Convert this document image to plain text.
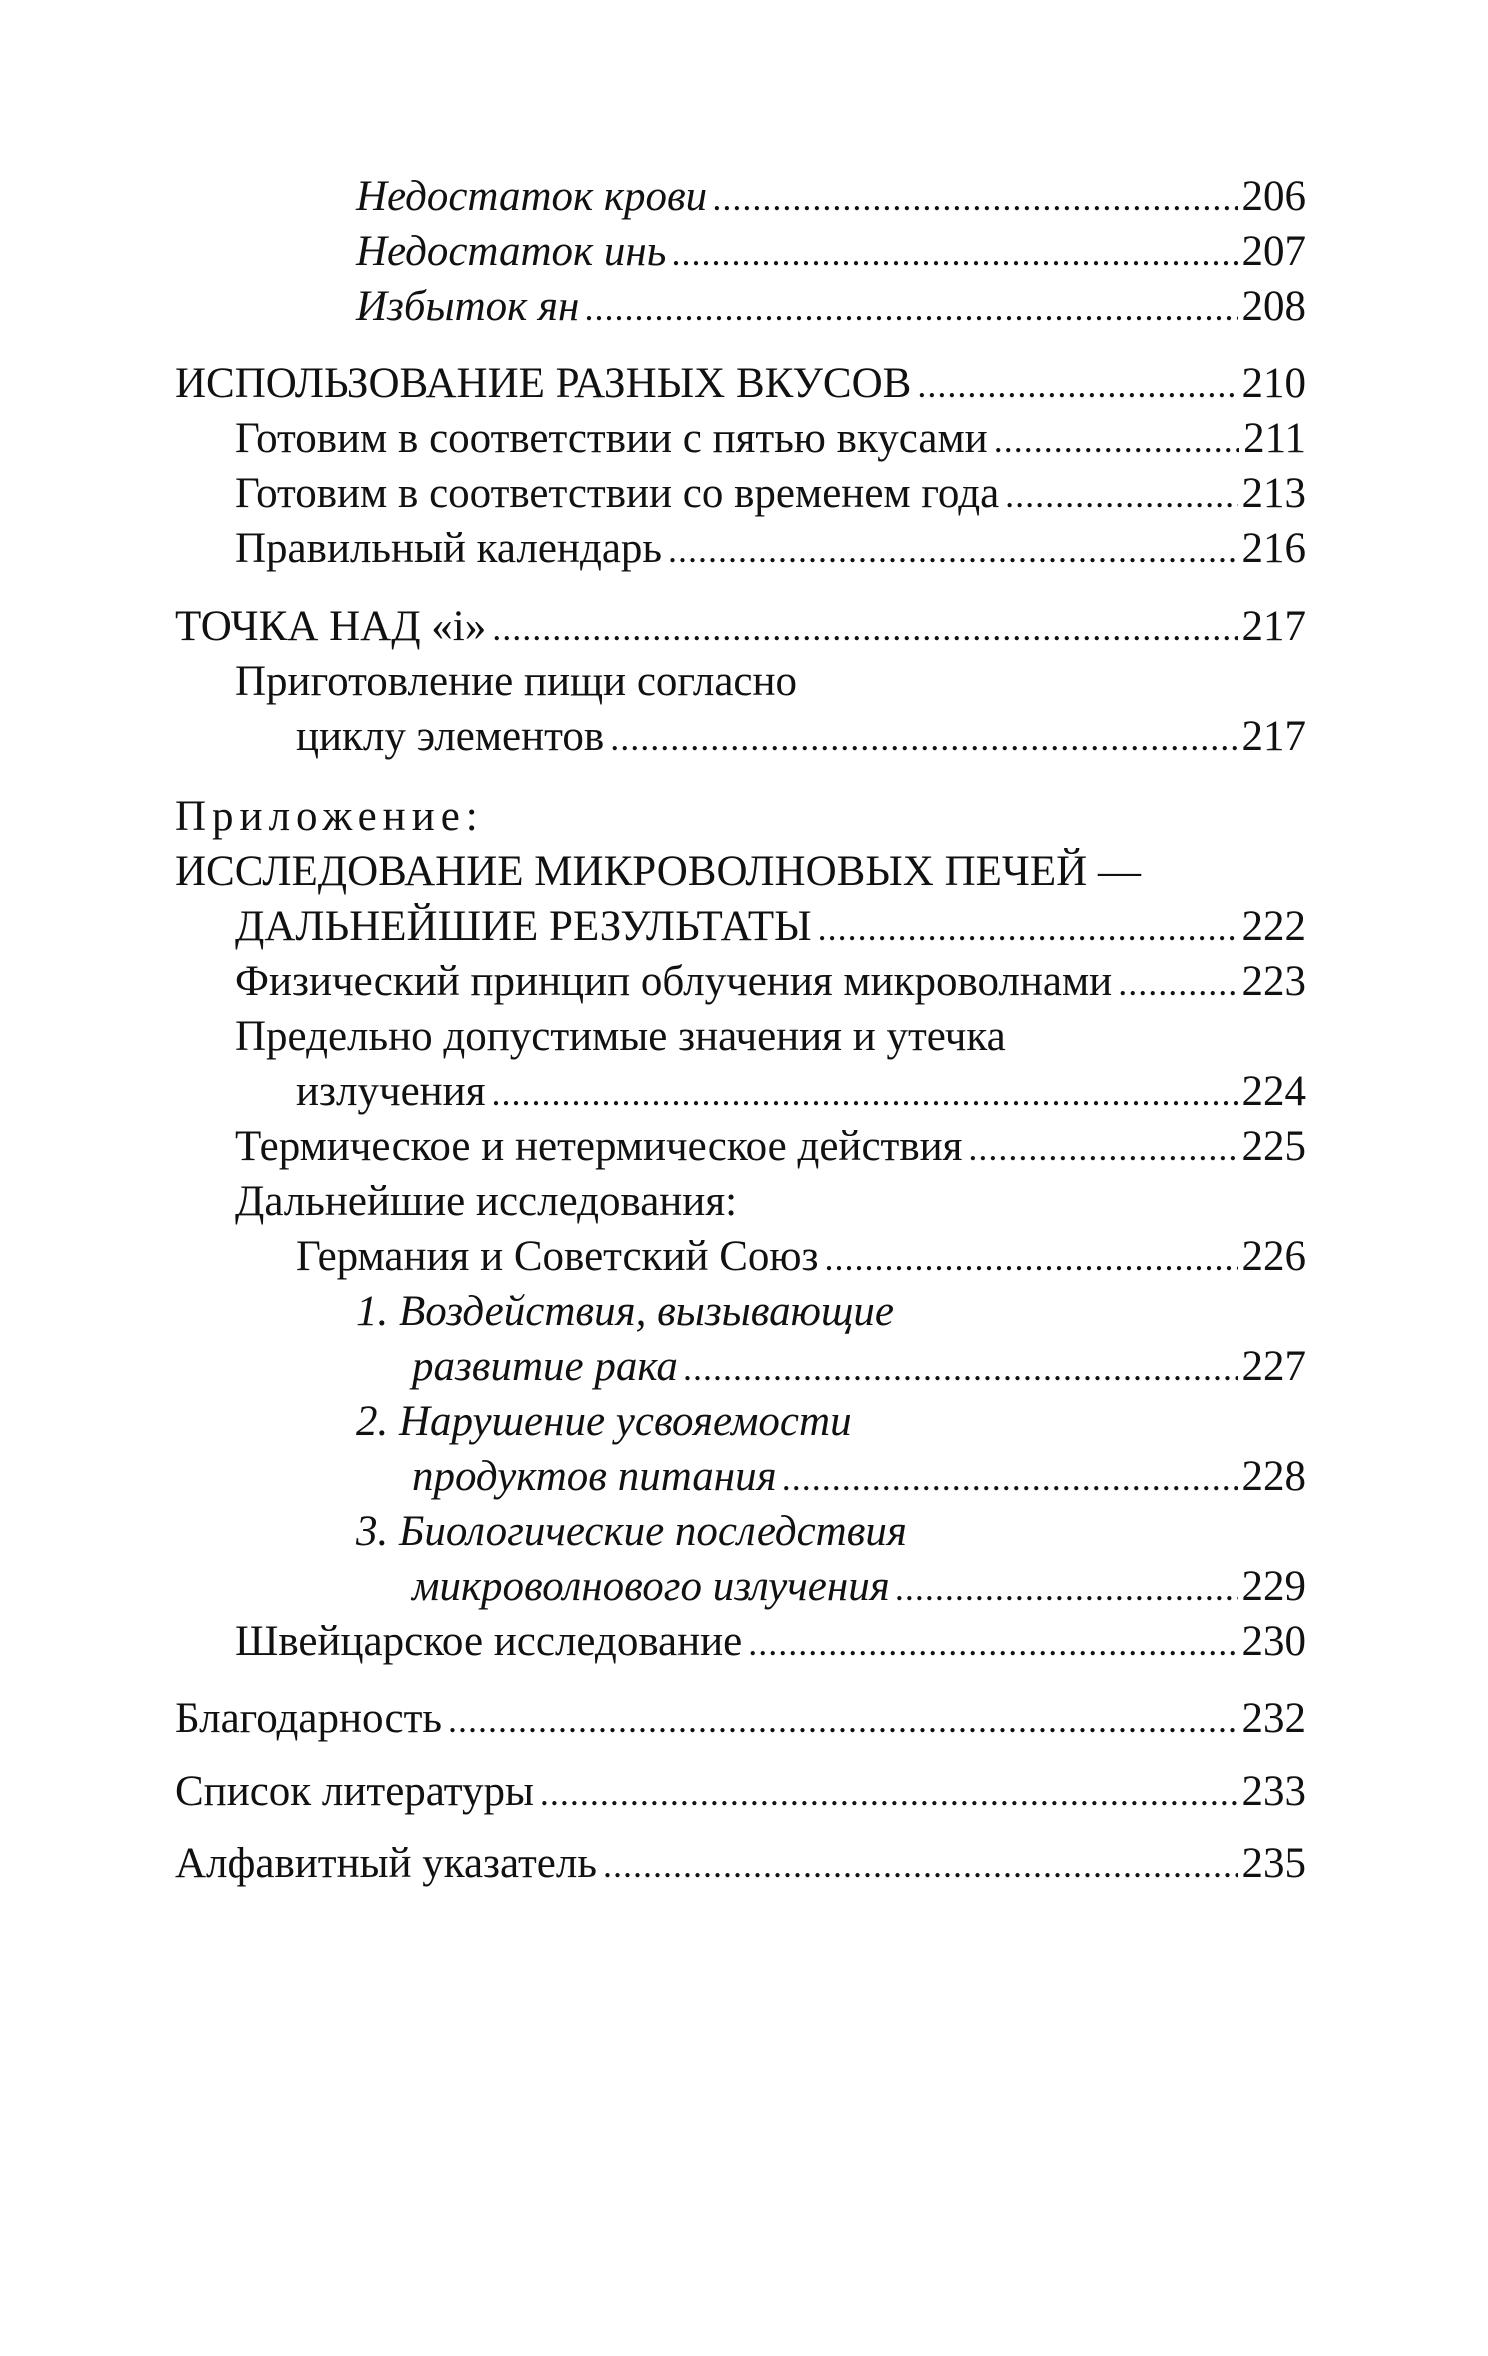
Недостаток крови .....	206
Недостаток инь .....	207
Избыток ян .....	208
ИСПОЛЬЗОВАНИЕ РАЗНЫХ ВКУСОВ .....	210
Готовим в соответствии с пятью вкусами .....	211
Готовим в соответствии со временем года .....	213
Правильный календарь .....	216
ТОЧКА НАД «i» .....	217
Приготовление пищи согласно
циклу элементов .....	217
Приложение:
ИССЛЕДОВАНИЕ МИКРОВОЛНОВЫХ ПЕЧЕЙ —
ДАЛЬНЕЙШИЕ РЕЗУЛЬТАТЫ .....	222
Физический принцип облучения микроволнами .....	223
Предельно допустимые значения и утечка
излучения .....	224
Термическое и нетермическое действия .....	225
Дальнейшие исследования:
Германия и Советский Союз .....	226
1. Воздействия, вызывающие
развитие рака .....	227
2. Нарушение усвояемости
продуктов питания .....	228
3. Биологические последствия
микроволнового излучения .....	229
Швейцарское исследование .....	230
Благодарность .....	232
Список литературы .....	233
Алфавитный указатель .....	235
